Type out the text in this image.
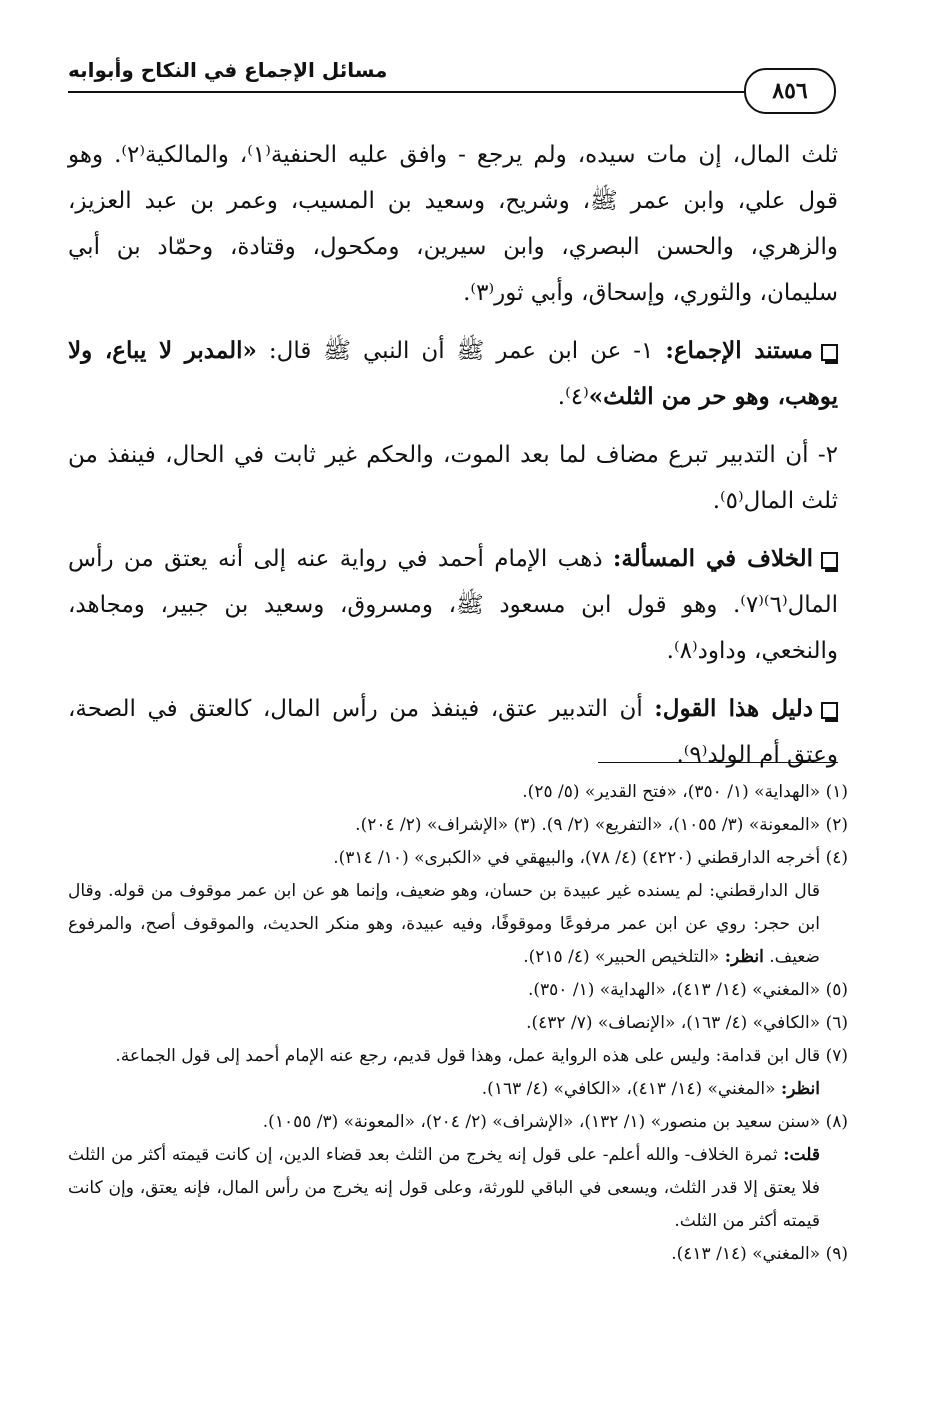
مسائل الإجماع في النكاح وأبوابه
٨٥٦

ثلث المال، إن مات سيده، ولم يرجع - وافق عليه الحنفية⁽١⁾، والمالكية⁽٢⁾. وهو قول علي، وابن عمر ﷺ، وشريح، وسعيد بن المسيب، وعمر بن عبد العزيز، والزهري، والحسن البصري، وابن سيرين، ومكحول، وقتادة، وحمّاد بن أبي سليمان، والثوري، وإسحاق، وأبي ثور⁽٣⁾.

مستند الإجماع: ١- عن ابن عمر ﷺ أن النبي ﷺ قال: «المدبر لا يباع، ولا يوهب، وهو حر من الثلث»⁽٤⁾.

٢- أن التدبير تبرع مضاف لما بعد الموت، والحكم غير ثابت في الحال، فينفذ من ثلث المال⁽٥⁾.

الخلاف في المسألة: ذهب الإمام أحمد في رواية عنه إلى أنه يعتق من رأس المال⁽٦⁾⁽٧⁾. وهو قول ابن مسعود ﷺ، ومسروق، وسعيد بن جبير، ومجاهد، والنخعي، وداود⁽٨⁾.

دليل هذا القول: أن التدبير عتق، فينفذ من رأس المال، كالعتق في الصحة، وعتق أم الولد⁽٩⁾.

(١) «الهداية» (١/ ٣٥٠)، «فتح القدير» (٥/ ٢٥).

(٢) «المعونة» (٣/ ١٠٥٥)، «التفريع» (٢/ ٩). (٣) «الإشراف» (٢/ ٢٠٤).

(٤) أخرجه الدارقطني (٤٢٢٠) (٤/ ٧٨)، والبيهقي في «الكبرى» (١٠/ ٣١٤).

قال الدارقطني: لم يسنده غير عبيدة بن حسان، وهو ضعيف، وإنما هو عن ابن عمر موقوف من قوله. وقال ابن حجر: روي عن ابن عمر مرفوعًا وموقوفًا، وفيه عبيدة، وهو منكر الحديث، والموقوف أصح، والمرفوع ضعيف. انظر: «التلخيص الحبير» (٤/ ٢١٥).

(٥) «المغني» (١٤/ ٤١٣)، «الهداية» (١/ ٣٥٠).

(٦) «الكافي» (٤/ ١٦٣)، «الإنصاف» (٧/ ٤٣٢).

(٧) قال ابن قدامة: وليس على هذه الرواية عمل، وهذا قول قديم، رجع عنه الإمام أحمد إلى قول الجماعة.

انظر: «المغني» (١٤/ ٤١٣)، «الكافي» (٤/ ١٦٣).

(٨) «سنن سعيد بن منصور» (١/ ١٣٢)، «الإشراف» (٢/ ٢٠٤)، «المعونة» (٣/ ١٠٥٥).

قلت: ثمرة الخلاف- والله أعلم- على قول إنه يخرج من الثلث بعد قضاء الدين، إن كانت قيمته أكثر من الثلث فلا يعتق إلا قدر الثلث، ويسعى في الباقي للورثة، وعلى قول إنه يخرج من رأس المال، فإنه يعتق، وإن كانت قيمته أكثر من الثلث.

(٩) «المغني» (١٤/ ٤١٣).
